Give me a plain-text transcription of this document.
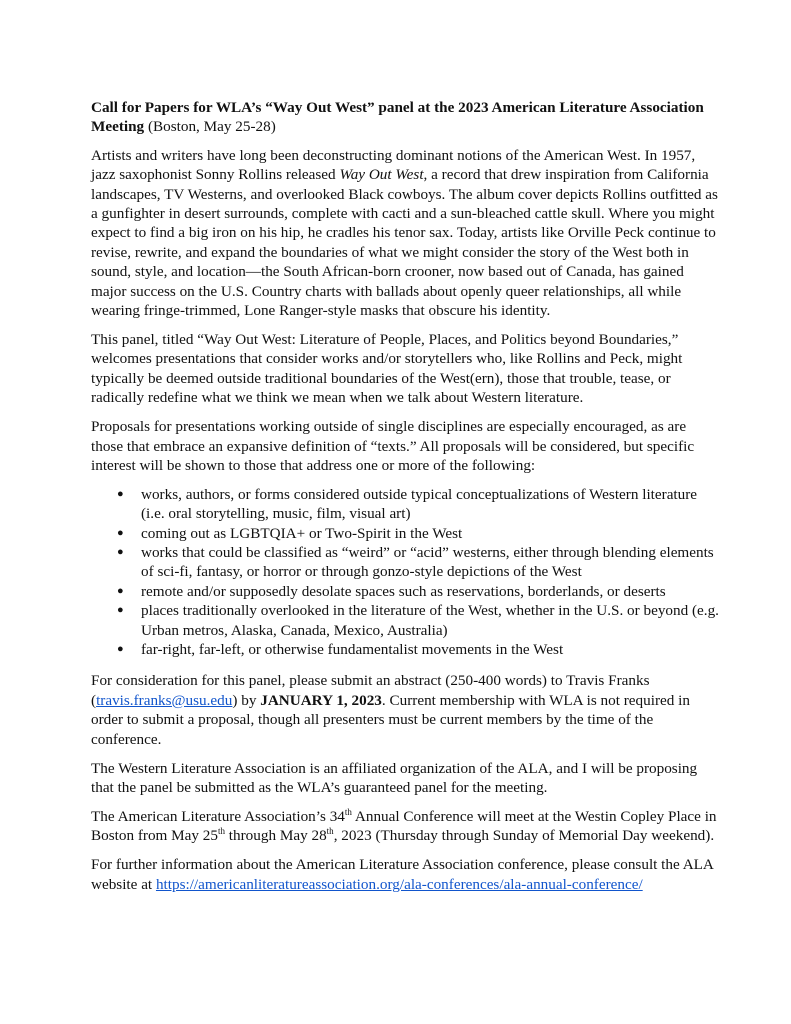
Call for Papers for WLA’s “Way Out West” panel at the 2023 American Literature Association Meeting (Boston, May 25-28)

Artists and writers have long been deconstructing dominant notions of the American West. In 1957, jazz saxophonist Sonny Rollins released Way Out West, a record that drew inspiration from California landscapes, TV Westerns, and overlooked Black cowboys. The album cover depicts Rollins outfitted as a gunfighter in desert surrounds, complete with cacti and a sun-bleached cattle skull. Where you might expect to find a big iron on his hip, he cradles his tenor sax. Today, artists like Orville Peck continue to revise, rewrite, and expand the boundaries of what we might consider the story of the West both in sound, style, and location—the South African-born crooner, now based out of Canada, has gained major success on the U.S. Country charts with ballads about openly queer relationships, all while wearing fringe-trimmed, Lone Ranger-style masks that obscure his identity.

This panel, titled “Way Out West: Literature of People, Places, and Politics beyond Boundaries,” welcomes presentations that consider works and/or storytellers who, like Rollins and Peck, might typically be deemed outside traditional boundaries of the West(ern), those that trouble, tease, or radically redefine what we think we mean when we talk about Western literature.

Proposals for presentations working outside of single disciplines are especially encouraged, as are those that embrace an expansive definition of “texts.” All proposals will be considered, but specific interest will be shown to those that address one or more of the following:

● works, authors, or forms considered outside typical conceptualizations of Western literature (i.e. oral storytelling, music, film, visual art)
● coming out as LGBTQIA+ or Two-Spirit in the West
● works that could be classified as “weird” or “acid” westerns, either through blending elements of sci-fi, fantasy, or horror or through gonzo-style depictions of the West
● remote and/or supposedly desolate spaces such as reservations, borderlands, or deserts
● places traditionally overlooked in the literature of the West, whether in the U.S. or beyond (e.g. Urban metros, Alaska, Canada, Mexico, Australia)
● far-right, far-left, or otherwise fundamentalist movements in the West

For consideration for this panel, please submit an abstract (250-400 words) to Travis Franks (travis.franks@usu.edu) by JANUARY 1, 2023. Current membership with WLA is not required in order to submit a proposal, though all presenters must be current members by the time of the conference.

The Western Literature Association is an affiliated organization of the ALA, and I will be proposing that the panel be submitted as the WLA’s guaranteed panel for the meeting.

The American Literature Association’s 34th Annual Conference will meet at the Westin Copley Place in Boston from May 25th through May 28th, 2023 (Thursday through Sunday of Memorial Day weekend).

For further information about the American Literature Association conference, please consult the ALA website at https://americanliteratureassociation.org/ala-conferences/ala-annual-conference/
